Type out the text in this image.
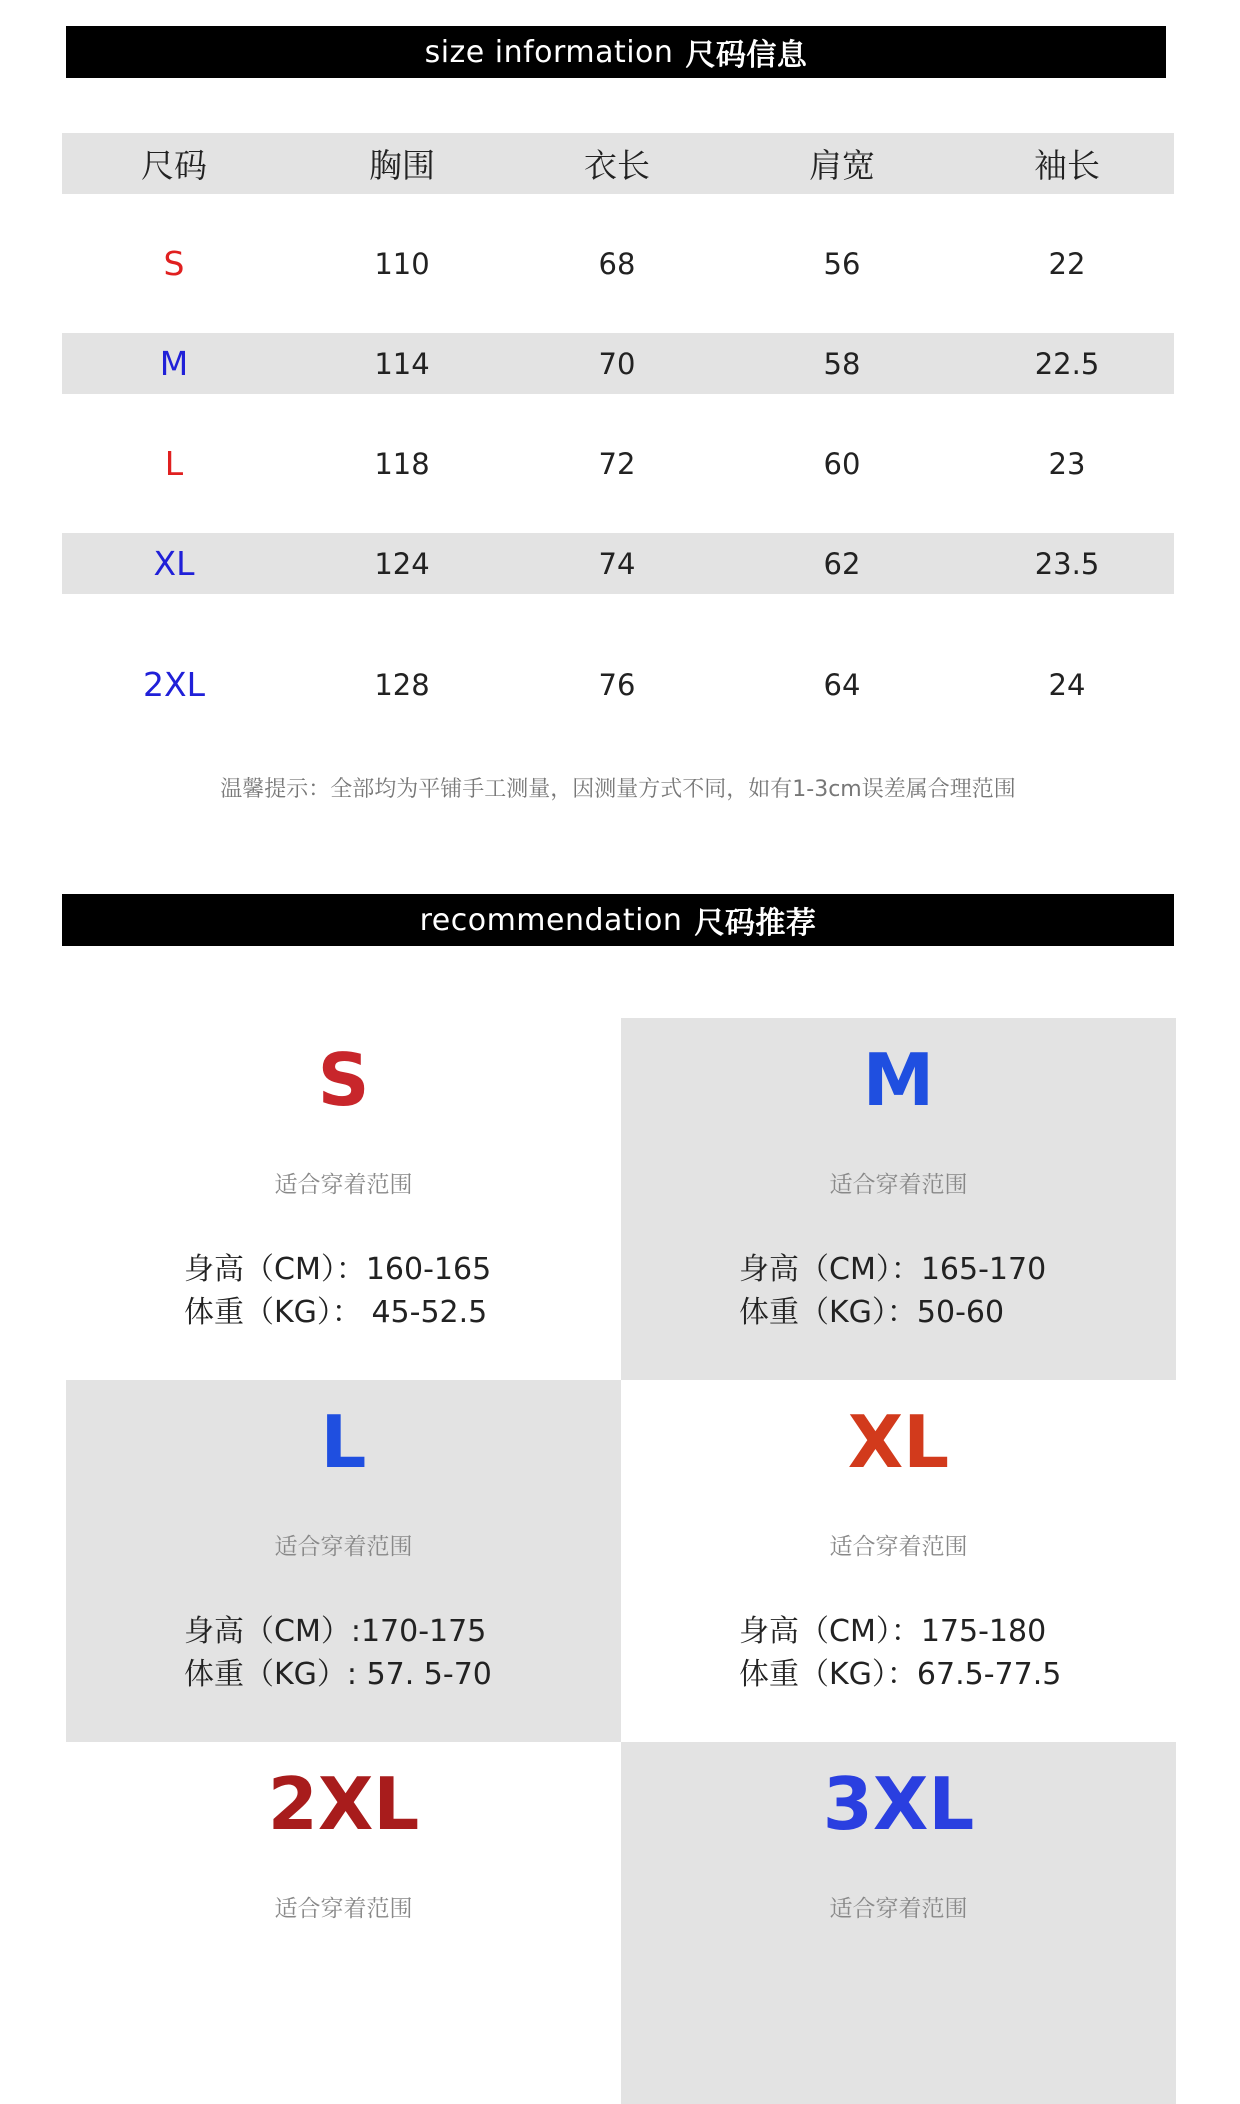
size information 尺码信息
尺码	胸围	衣长	肩宽	袖长
S	110	68	56	22
M	114	70	58	22.5
L	118	72	60	23
XL	124	74	62	23.5
2XL	128	76	64	24
温馨提示：全部均为平铺手工测量，因测量方式不同，如有1-3cm误差属合理范围
recommendation 尺码推荐
S
适合穿着范围
身高（CM）：160-165
体重（KG）： 45-52.5
M
适合穿着范围
身高（CM）：165-170
体重（KG）：50-60
L
适合穿着范围
身高（CM）:170-175
体重（KG）: 57. 5-70
XL
适合穿着范围
身高（CM）：175-180
体重（KG）：67.5-77.5
2XL
适合穿着范围
3XL
适合穿着范围
